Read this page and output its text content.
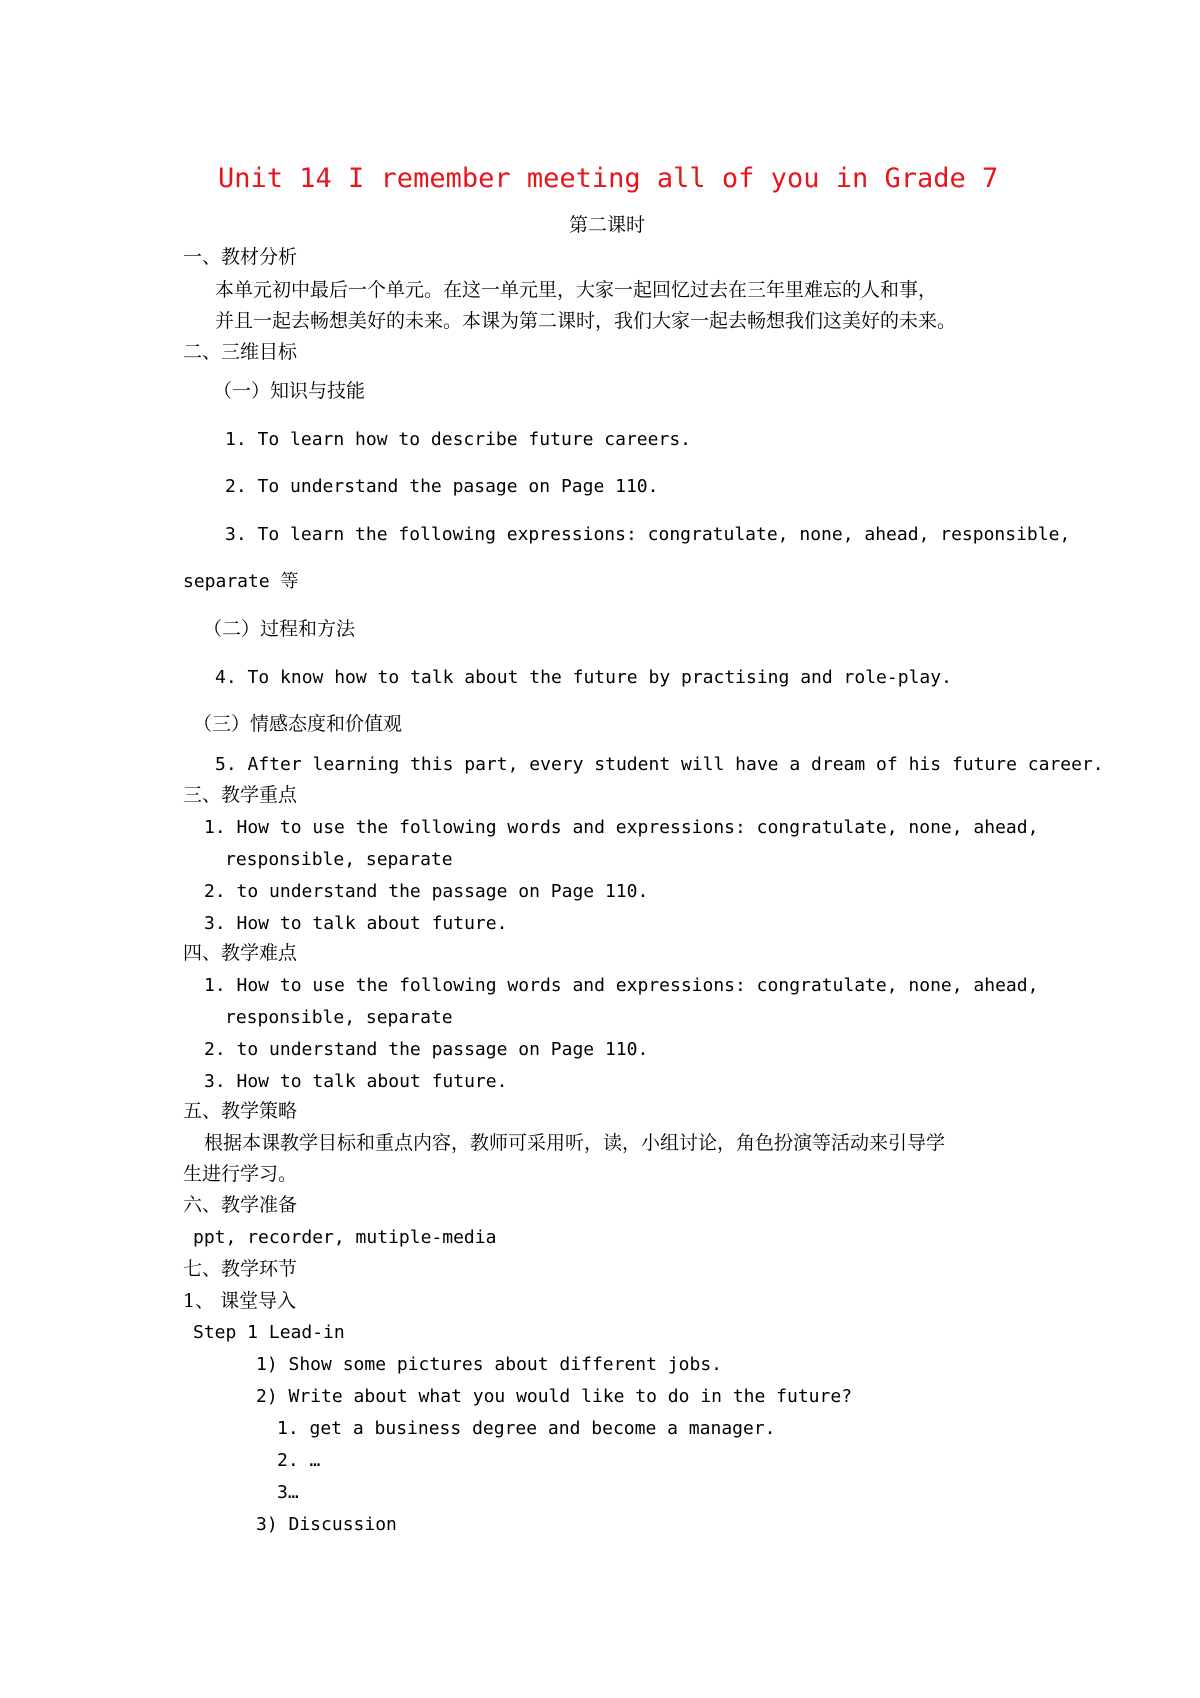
Unit 14 I remember meeting all of you in Grade 7
第二课时
一、教材分析
本单元初中最后一个单元。在这一单元里，大家一起回忆过去在三年里难忘的人和事，
并且一起去畅想美好的未来。本课为第二课时，我们大家一起去畅想我们这美好的未来。
二、三维目标
（一）知识与技能
1. To learn how to describe future careers.
2. To understand the pasage on Page 110.
3. To learn the following expressions: congratulate, none, ahead, responsible,
separate 等
（二）过程和方法
4. To know how to talk about the future by practising and role-play.
（三）情感态度和价值观
5. After learning this part, every student will have a dream of his future career.
三、教学重点
1. How to use the following words and expressions: congratulate, none, ahead,
responsible, separate
2. to understand the passage on Page 110.
3. How to talk about future.
四、教学难点
1. How to use the following words and expressions: congratulate, none, ahead,
responsible, separate
2. to understand the passage on Page 110.
3. How to talk about future.
五、教学策略
根据本课教学目标和重点内容，教师可采用听，读，小组讨论，角色扮演等活动来引导学
生进行学习。
六、教学准备
ppt, recorder, mutiple-media
七、教学环节
1、 课堂导入
Step 1 Lead-in
1) Show some pictures about different jobs.
2) Write about what you would like to do in the future?
1. get a business degree and become a manager.
2. …
3…
3) Discussion
